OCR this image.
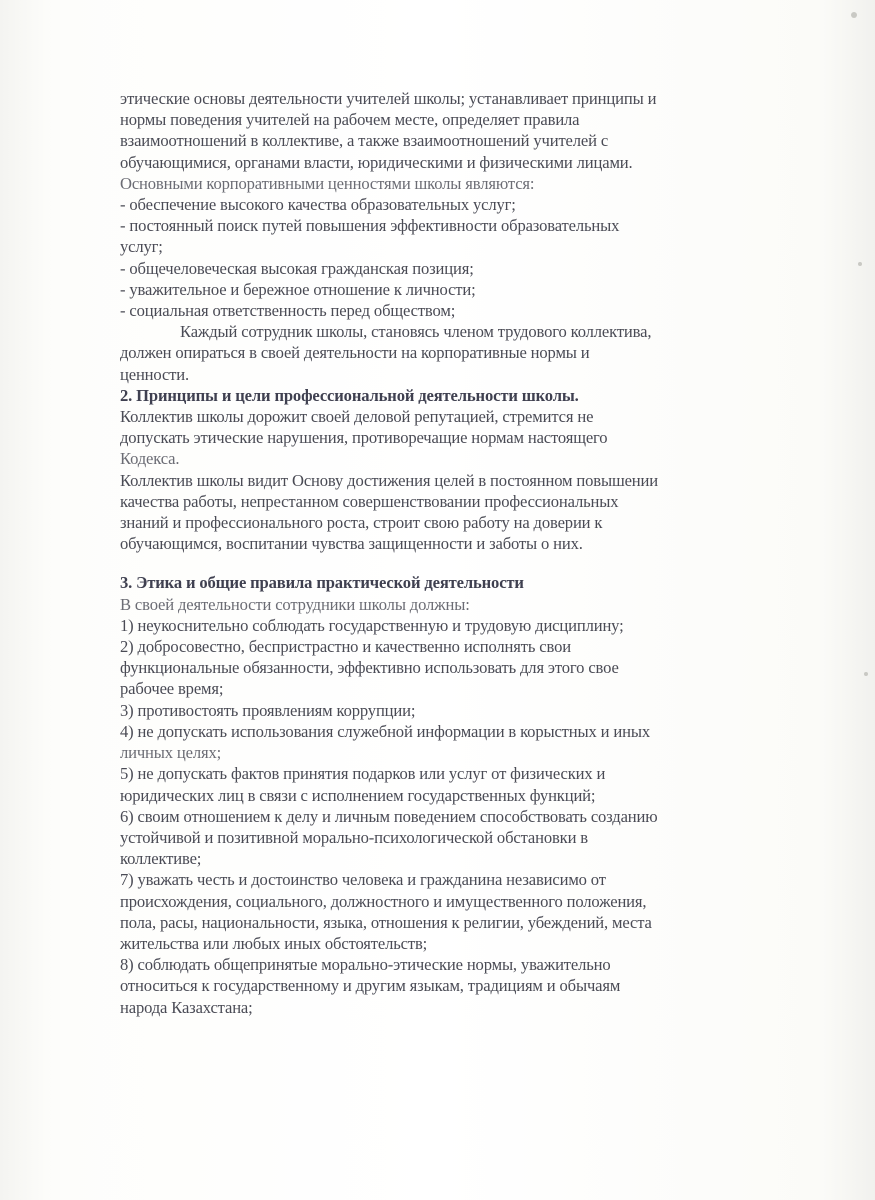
этические основы деятельности учителей школы; устанавливает принципы и
нормы поведения учителей на рабочем месте, определяет правила
взаимоотношений в коллективе, а также взаимоотношений учителей с
обучающимися, органами власти, юридическими и физическими лицами.
Основными корпоративными ценностями школы являются:
- обеспечение высокого качества образовательных услуг;
- постоянный поиск путей повышения эффективности образовательных
услуг;
- общечеловеческая высокая гражданская позиция;
- уважительное и бережное отношение к личности;
- социальная ответственность перед обществом;
Каждый сотрудник школы, становясь членом трудового коллектива,
должен опираться в своей деятельности на корпоративные нормы и
ценности.
2. Принципы и цели профессиональной деятельности школы.
Коллектив школы дорожит своей деловой репутацией, стремится не
допускать этические нарушения, противоречащие нормам настоящего
Кодекса.
Коллектив школы видит Основу достижения целей в постоянном повышении
качества работы, непрестанном совершенствовании профессиональных
знаний и профессионального роста, строит свою работу на доверии к
обучающимся, воспитании чувства защищенности и заботы о них.
3. Этика и общие правила практической деятельности
В своей деятельности сотрудники школы должны:
1) неукоснительно соблюдать государственную и трудовую дисциплину;
2) добросовестно, беспристрастно и качественно исполнять свои
функциональные обязанности, эффективно использовать для этого свое
рабочее время;
3) противостоять проявлениям коррупции;
4) не допускать использования служебной информации в корыстных и иных
личных целях;
5) не допускать фактов принятия подарков или услуг от физических и
юридических лиц в связи с исполнением государственных функций;
6) своим отношением к делу и личным поведением способствовать созданию
устойчивой и позитивной морально-психологической обстановки в
коллективе;
7) уважать честь и достоинство человека и гражданина независимо от
происхождения, социального, должностного и имущественного положения,
пола, расы, национальности, языка, отношения к религии, убеждений, места
жительства или любых иных обстоятельств;
8) соблюдать общепринятые морально-этические нормы, уважительно
относиться к государственному и другим языкам, традициям и обычаям
народа Казахстана;
